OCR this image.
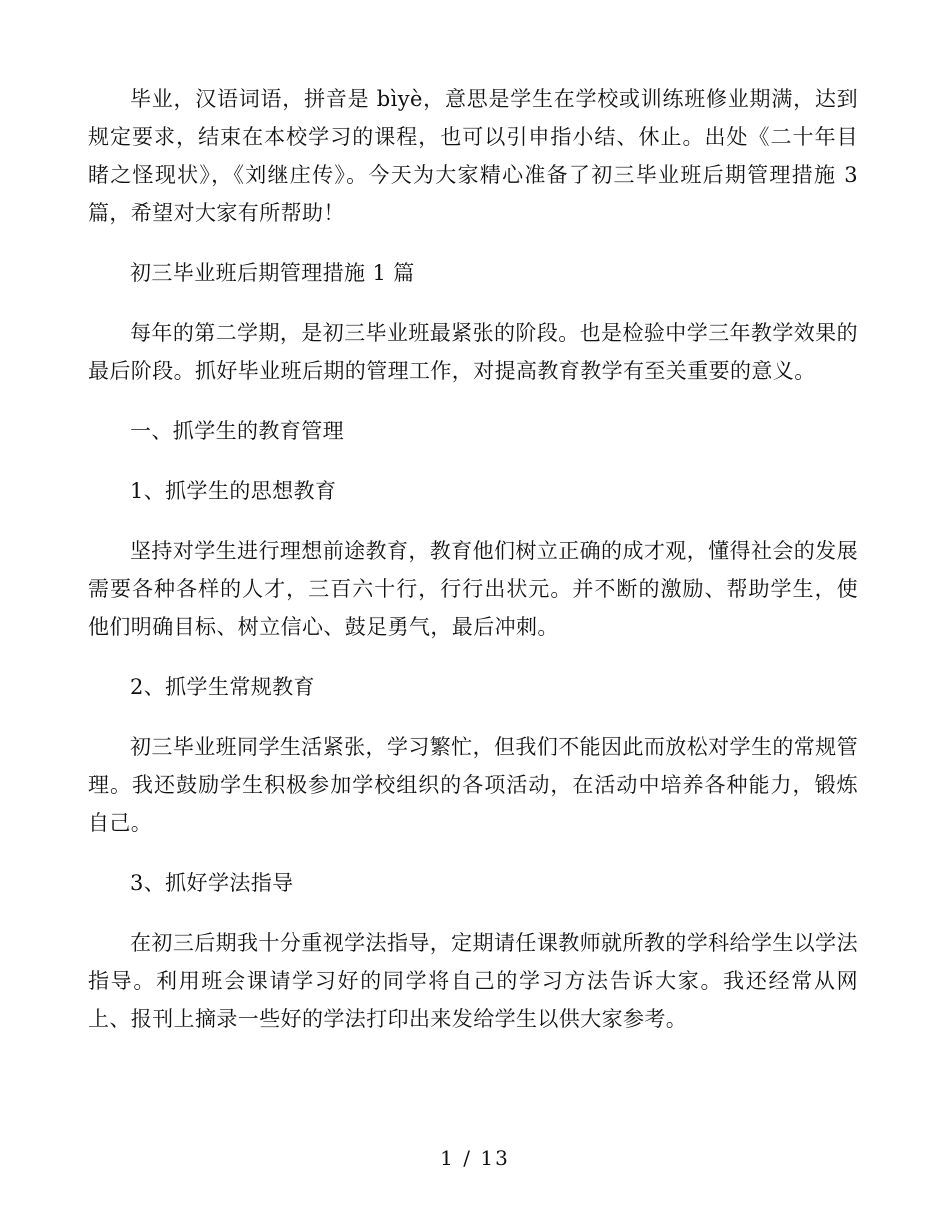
毕业，汉语词语，拼音是 bìyè，意思是学生在学校或训练班修业期满，达到规定要求，结束在本校学习的课程，也可以引申指小结、休止。出处《二十年目睹之怪现状》，《刘继庄传》。今天为大家精心准备了初三毕业班后期管理措施 3 篇，希望对大家有所帮助！

初三毕业班后期管理措施 1 篇

每年的第二学期，是初三毕业班最紧张的阶段。也是检验中学三年教学效果的最后阶段。抓好毕业班后期的管理工作，对提高教育教学有至关重要的意义。

一、抓学生的教育管理

1、抓学生的思想教育

坚持对学生进行理想前途教育，教育他们树立正确的成才观，懂得社会的发展需要各种各样的人才，三百六十行，行行出状元。并不断的激励、帮助学生，使他们明确目标、树立信心、鼓足勇气，最后冲刺。

2、抓学生常规教育

初三毕业班同学生活紧张，学习繁忙，但我们不能因此而放松对学生的常规管理。我还鼓励学生积极参加学校组织的各项活动，在活动中培养各种能力，锻炼自己。

3、抓好学法指导

在初三后期我十分重视学法指导，定期请任课教师就所教的学科给学生以学法指导。利用班会课请学习好的同学将自己的学习方法告诉大家。我还经常从网上、报刊上摘录一些好的学法打印出来发给学生以供大家参考。

1 / 13
